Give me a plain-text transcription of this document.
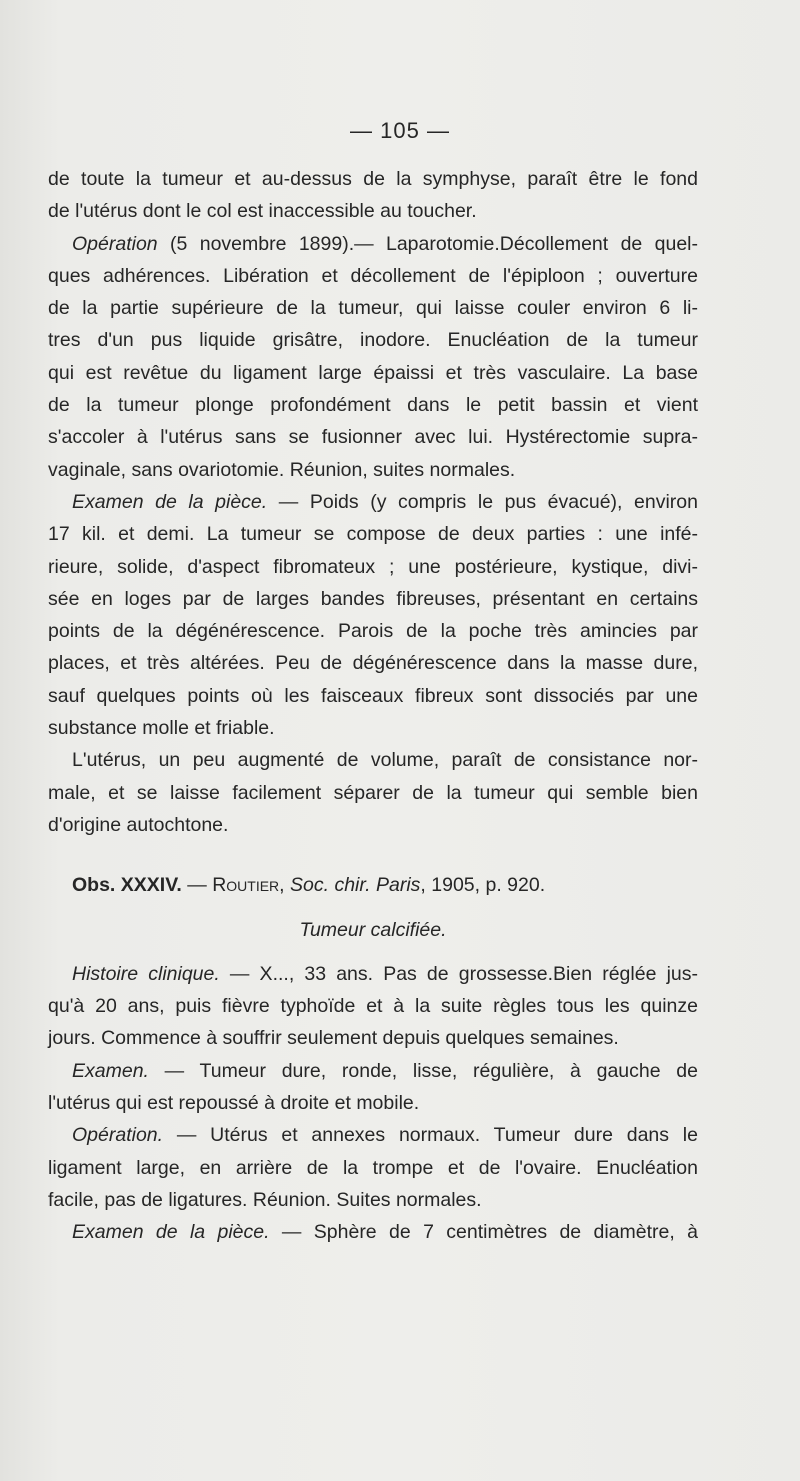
— 105 —
de toute la tumeur et au-dessus de la symphyse, paraît être le fond
de l'utérus dont le col est inaccessible au toucher.
Opération (5 novembre 1899).— Laparotomie.Décollement de quel-
ques adhérences. Libération et décollement de l'épiploon ; ouverture
de la partie supérieure de la tumeur, qui laisse couler environ 6 li-
tres d'un pus liquide grisâtre, inodore. Enucléation de la tumeur
qui est revêtue du ligament large épaissi et très vasculaire. La base
de la tumeur plonge profondément dans le petit bassin et vient
s'accoler à l'utérus sans se fusionner avec lui. Hystérectomie supra-
vaginale, sans ovariotomie. Réunion, suites normales.
Examen de la pièce. — Poids (y compris le pus évacué), environ
17 kil. et demi. La tumeur se compose de deux parties : une infé-
rieure, solide, d'aspect fibromateux ; une postérieure, kystique, divi-
sée en loges par de larges bandes fibreuses, présentant en certains
points de la dégénérescence. Parois de la poche très amincies par
places, et très altérées. Peu de dégénérescence dans la masse dure,
sauf quelques points où les faisceaux fibreux sont dissociés par une
substance molle et friable.
L'utérus, un peu augmenté de volume, paraît de consistance nor-
male, et se laisse facilement séparer de la tumeur qui semble bien
d'origine autochtone.
Obs. XXXIV. — Routier, Soc. chir. Paris, 1905, p. 920.
Tumeur calcifiée.
Histoire clinique. — X..., 33 ans. Pas de grossesse.Bien réglée jus-
qu'à 20 ans, puis fièvre typhoïde et à la suite règles tous les quinze
jours. Commence à souffrir seulement depuis quelques semaines.
Examen. — Tumeur dure, ronde, lisse, régulière, à gauche de
l'utérus qui est repoussé à droite et mobile.
Opération. — Utérus et annexes normaux. Tumeur dure dans le
ligament large, en arrière de la trompe et de l'ovaire. Enucléation
facile, pas de ligatures. Réunion. Suites normales.
Examen de la pièce. — Sphère de 7 centimètres de diamètre, à
